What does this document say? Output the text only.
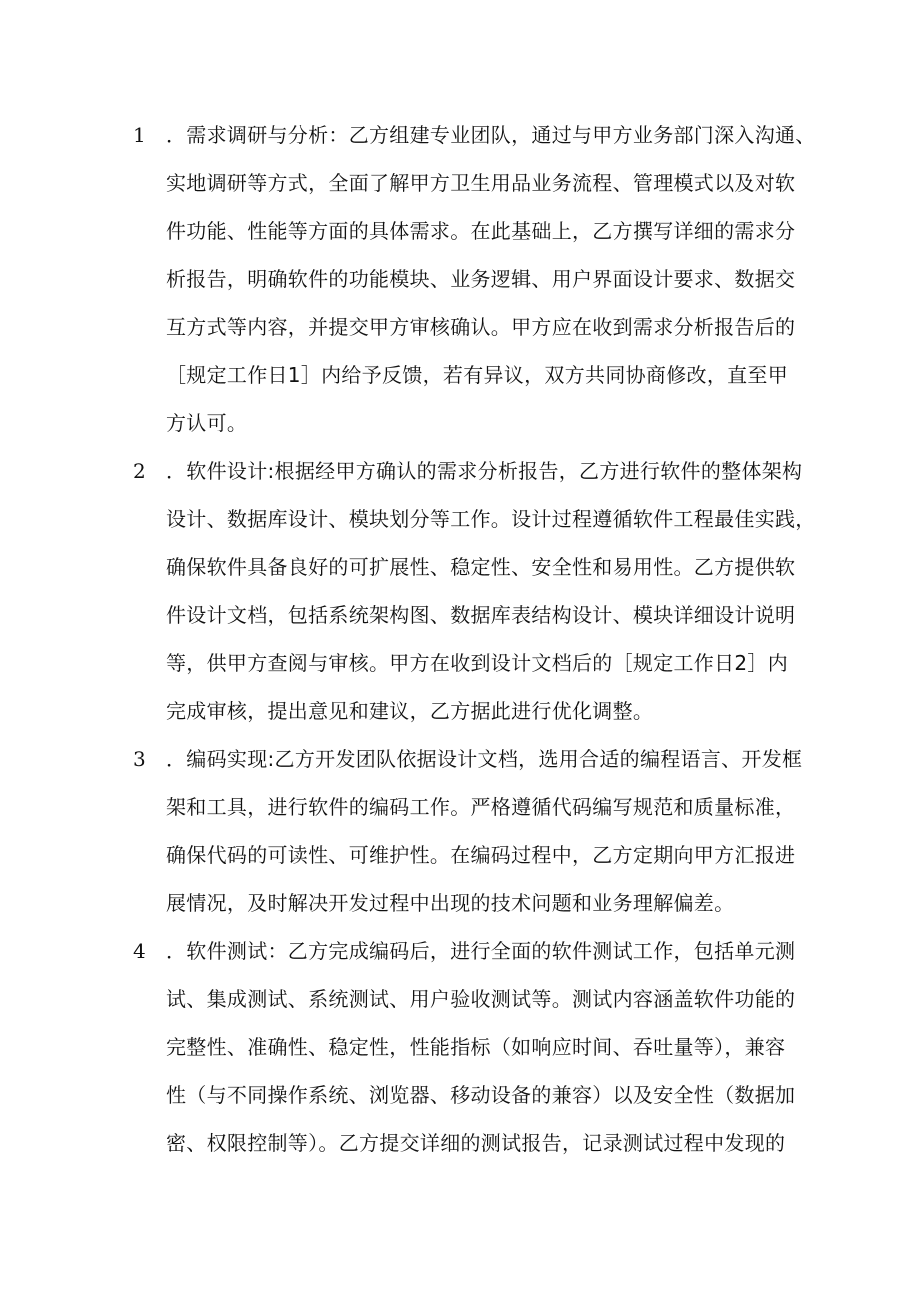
1 ．需求调研与分析：乙方组建专业团队，通过与甲方业务部门深入沟通、
实地调研等方式，全面了解甲方卫生用品业务流程、管理模式以及对软
件功能、性能等方面的具体需求。在此基础上，乙方撰写详细的需求分
析报告，明确软件的功能模块、业务逻辑、用户界面设计要求、数据交
互方式等内容，并提交甲方审核确认。甲方应在收到需求分析报告后的
［规定工作日1］内给予反馈，若有异议，双方共同协商修改，直至甲
方认可。
2 ．软件设计:根据经甲方确认的需求分析报告，乙方进行软件的整体架构
设计、数据库设计、模块划分等工作。设计过程遵循软件工程最佳实践，
确保软件具备良好的可扩展性、稳定性、安全性和易用性。乙方提供软
件设计文档，包括系统架构图、数据库表结构设计、模块详细设计说明
等，供甲方查阅与审核。甲方在收到设计文档后的［规定工作日2］内
完成审核，提出意见和建议，乙方据此进行优化调整。
3 ．编码实现:乙方开发团队依据设计文档，选用合适的编程语言、开发框
架和工具，进行软件的编码工作。严格遵循代码编写规范和质量标准，
确保代码的可读性、可维护性。在编码过程中，乙方定期向甲方汇报进
展情况，及时解决开发过程中出现的技术问题和业务理解偏差。
4 ．软件测试：乙方完成编码后，进行全面的软件测试工作，包括单元测
试、集成测试、系统测试、用户验收测试等。测试内容涵盖软件功能的
完整性、准确性、稳定性，性能指标（如响应时间、吞吐量等），兼容
性（与不同操作系统、浏览器、移动设备的兼容）以及安全性（数据加
密、权限控制等）。乙方提交详细的测试报告，记录测试过程中发现的
